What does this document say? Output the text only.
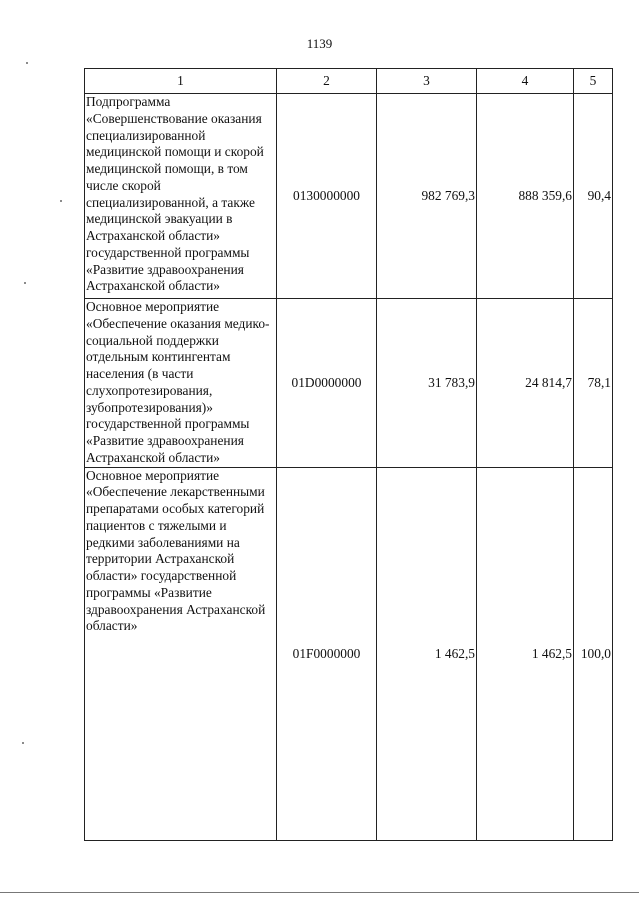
1139
1	2	3	4	5
Подпрограмма «Совершенствование оказания специализированной медицинской помощи и скорой медицинской помощи, в том числе скорой специализированной, а также медицинской эвакуации в Астраханской области» государственной программы «Развитие здравоохранения Астраханской области»	0130000000	982 769,3	888 359,6	90,4
Основное мероприятие «Обеспечение оказания медико-социальной поддержки отдельным контингентам населения (в части слухопротезирования, зубопротезирования)» государственной программы «Развитие здравоохранения Астраханской области»	01D0000000	31 783,9	24 814,7	78,1
Основное мероприятие «Обеспечение лекарственными препаратами особых категорий пациентов с тяжелыми и редкими заболеваниями на территории Астраханской области» государственной программы «Развитие здравоохранения Астраханской области»	01F0000000	1 462,5	1 462,5	100,0
